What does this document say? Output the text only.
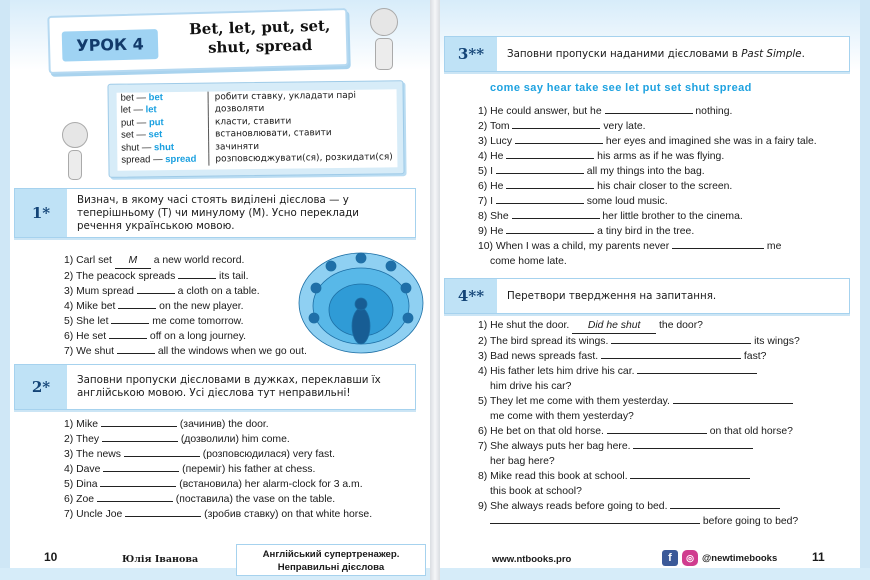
УРОК 4
Bet, let, put, set,
shut, spread
bet — bet	робити ставку, укладати парі
let — let	дозволяти
put — put	класти, ставити
set — set	встановлювати, ставити
shut — shut	зачиняти
spread — spread	розповсюджувати(ся), розкидати(ся)
1*
Визнач, в якому часі стоять виділені дієслова — у теперішньому (Т) чи минулому (М). Усно переклади речення українською мовою.
1) Carl set M a new world record.
2) The peacock spreads	its tail.
3) Mum spread	a cloth on a table.
4) Mike bet	on the new player.
5) She let	me come tomorrow.
6) He set	off on a long journey.
7) We shut	all the windows when we go out.
2*	Заповни пропуски дієсловами в дужках, переклавши їх англійською мовою. Усі дієслова тут неправильні!
1) Mike	(зачинив) the door.
2) They	(дозволили) him come.
3) The news	(розповсюдилася) very fast.
4) Dave	(переміг) his father at chess.
5) Dina	(встановила) her alarm-clock for 3 a.m.
6) Zoe	(поставила) the vase on the table.
7) Uncle Joe	(зробив ставку) on that white horse.
10	Юлія Іванова	Англійський супертренажер.
Неправильні дієслова
3**	Заповни пропуски наданими дієсловами в
Past Simple .
come say hear take see let put set shut spread
1) He could answer, but he	nothing.
2) Tom	very late.
3) Lucy	her eyes and imagined she was in a fairy tale.
4) He	his arms as if he was flying.
5) I	all my things into the bag.
6) He	his chair closer to the screen.
7) I	some loud music.
8) She	her little brother to the cinema.
9) He	a tiny bird in the tree.
10) When I was a child, my parents never	me
come home late.
4**	Перетвори твердження на запитання.
1) He shut the door. Did he shut the door?
2) The bird spread its wings.	its wings?
3) Bad news spreads fast.	fast?
4) His father lets him drive his car.
him drive his car?
5) They let me come with them yesterday.
me come with them yesterday?
6) He bet on that old horse.	on that old horse?
7) She always puts her bag here.
her bag here?
8) Mike read this book at school.
this book at school?
9) She always reads before going to bed.
before going to bed?
www.ntbooks.pro	f	◎ @newtimebooks	11
